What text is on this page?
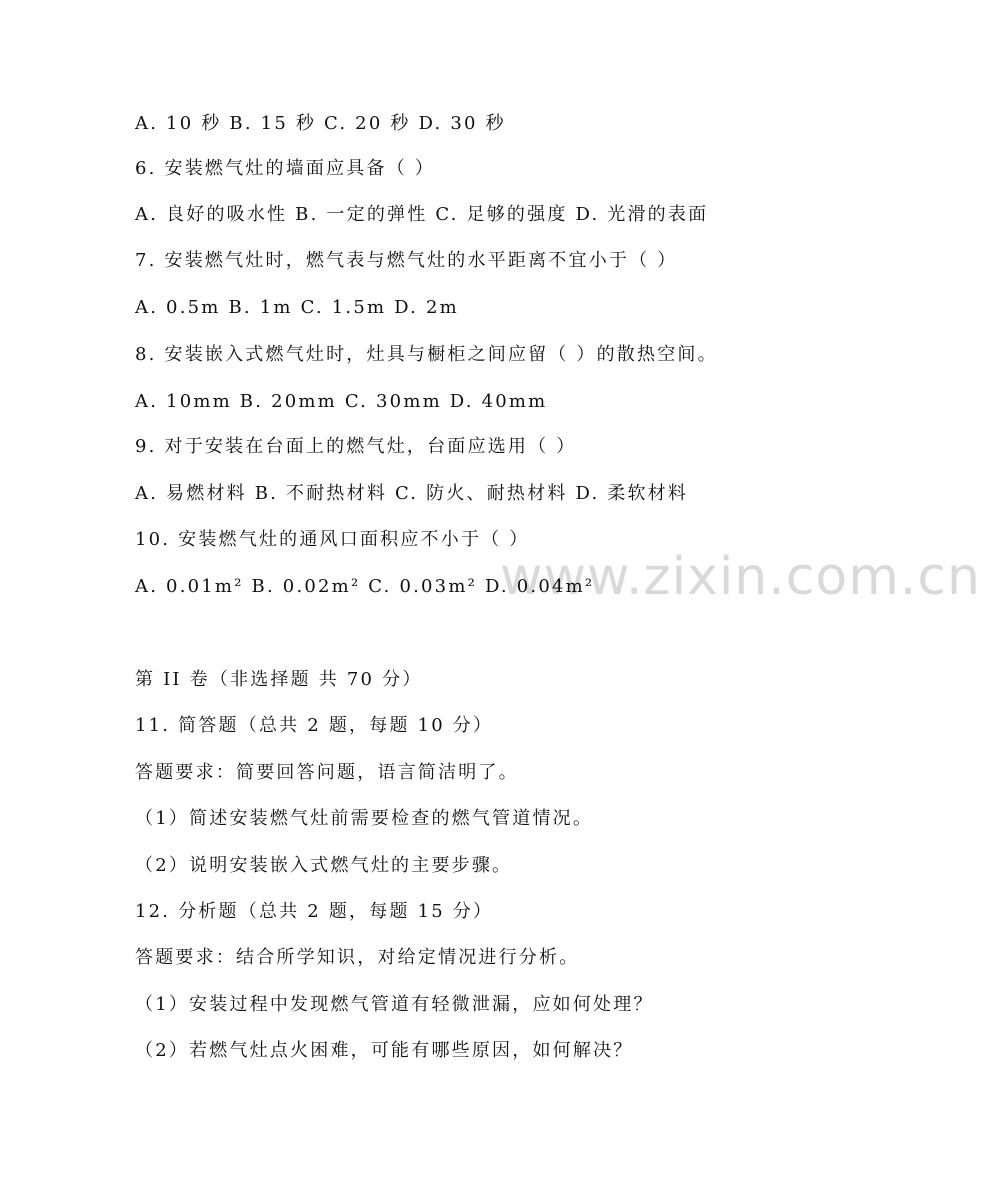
www.zixin.com.cn
A. 10 秒 B. 15 秒 C. 20 秒 D. 30 秒
6. 安装燃气灶的墙面应具备（ ）
A. 良好的吸水性 B. 一定的弹性 C. 足够的强度 D. 光滑的表面
7. 安装燃气灶时，燃气表与燃气灶的水平距离不宜小于（ ）
A. 0.5m B. 1m C. 1.5m D. 2m
8. 安装嵌入式燃气灶时，灶具与橱柜之间应留（ ）的散热空间。
A. 10mm B. 20mm C. 30mm D. 40mm
9. 对于安装在台面上的燃气灶，台面应选用（ ）
A. 易燃材料 B. 不耐热材料 C. 防火、耐热材料 D. 柔软材料
10. 安装燃气灶的通风口面积应不小于（ ）
A. 0.01m² B. 0.02m² C. 0.03m² D. 0.04m²
第 II 卷（非选择题 共 70 分）
11. 简答题（总共 2 题，每题 10 分）
答题要求：简要回答问题，语言简洁明了。
（1）简述安装燃气灶前需要检查的燃气管道情况。
（2）说明安装嵌入式燃气灶的主要步骤。
12. 分析题（总共 2 题，每题 15 分）
答题要求：结合所学知识，对给定情况进行分析。
（1）安装过程中发现燃气管道有轻微泄漏，应如何处理？
（2）若燃气灶点火困难，可能有哪些原因，如何解决？
